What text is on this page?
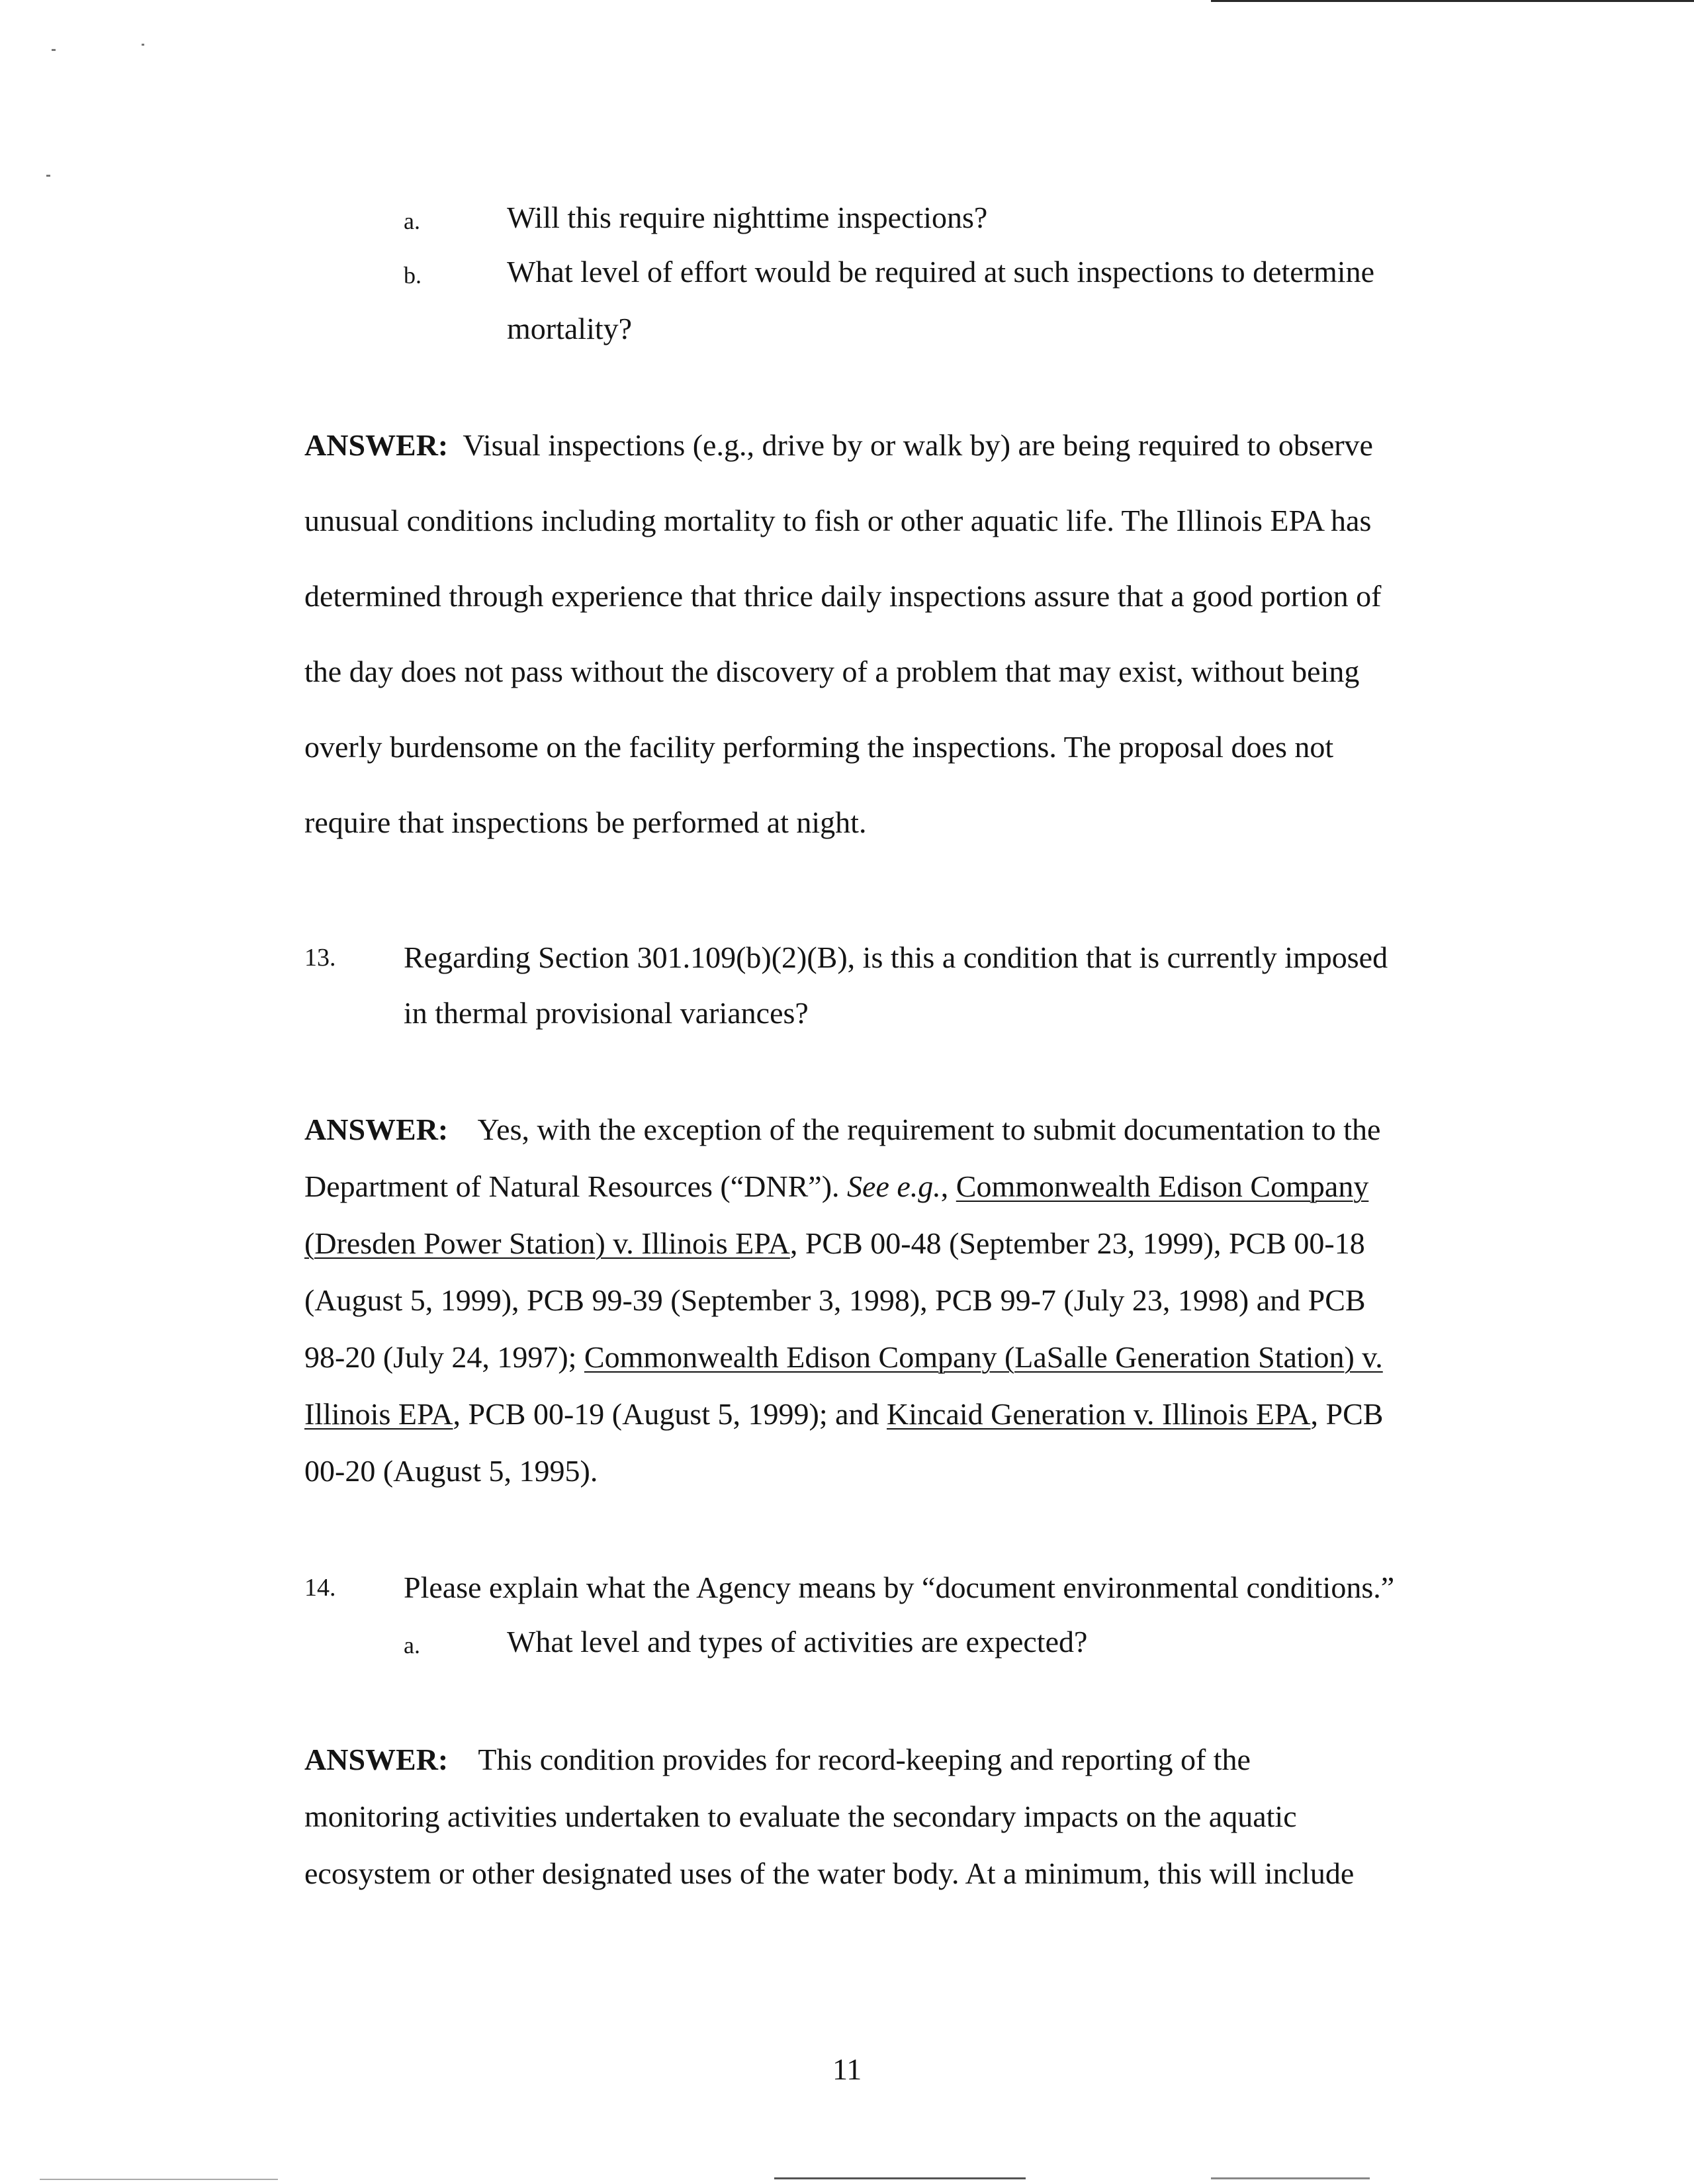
a.	Will this require nighttime inspections?
b.	What level of effort would be required at such inspections to determine
mortality?
ANSWER: Visual inspections (e.g., drive by or walk by) are being required to observe
unusual conditions including mortality to fish or other aquatic life. The Illinois EPA has
determined through experience that thrice daily inspections assure that a good portion of
the day does not pass without the discovery of a problem that may exist, without being
overly burdensome on the facility performing the inspections. The proposal does not
require that inspections be performed at night.
13. Regarding Section 301.109(b)(2)(B), is this a condition that is currently imposed
in thermal provisional variances?
ANSWER: Yes, with the exception of the requirement to submit documentation to the
Department of Natural Resources (“DNR”). See e.g., Commonwealth Edison Company
(Dresden Power Station) v. Illinois EPA, PCB 00-48 (September 23, 1999), PCB 00-18
(August 5, 1999), PCB 99-39 (September 3, 1998), PCB 99-7 (July 23, 1998) and PCB
98-20 (July 24, 1997); Commonwealth Edison Company (LaSalle Generation Station) v.
Illinois EPA, PCB 00-19 (August 5, 1999); and Kincaid Generation v. Illinois EPA, PCB
00-20 (August 5, 1995).
14. Please explain what the Agency means by “document environmental conditions.”
a.	What level and types of activities are expected?
ANSWER: This condition provides for record-keeping and reporting of the
monitoring activities undertaken to evaluate the secondary impacts on the aquatic
ecosystem or other designated uses of the water body. At a minimum, this will include
11
